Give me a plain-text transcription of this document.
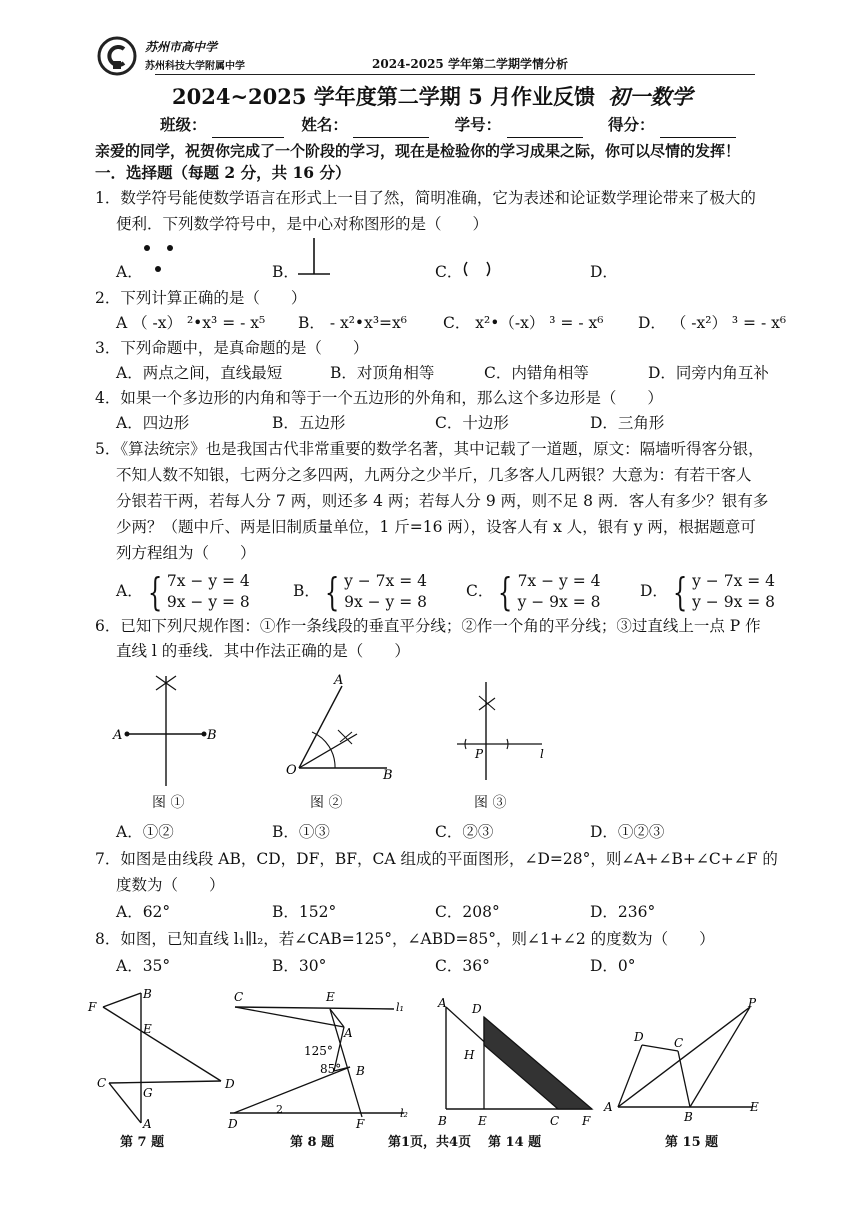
苏州市高中学
苏州科技大学附属中学	2024-2025 学年第二学期学情分析
2024~2025 学年度第二学期 5 月作业反馈 初一数学
班级：	姓名：	学号：	得分：
亲爱的同学，祝贺你完成了一个阶段的学习，现在是检验你的学习成果之际，你可以尽情的发挥！
一．选择题（每题 2 分，共 16 分）
1．数学符号能使数学语言在形式上一目了然，简明准确，它为表述和论证数学理论带来了极大的
便利．下列数学符号中，是中心对称图形的是（　　）
A．	B．	C．	D．
2．下列计算正确的是（　　）
A （ -x） ²•x³ = - x⁵ B． - x²•x³=x⁶ C． x²•（-x） ³ = - x⁶ D． （ -x²） ³ = - x⁶
3．下列命题中，是真命题的是（　　）
A．两点之间，直线最短	B．对顶角相等	C．内错角相等	D．同旁内角互补
4．如果一个多边形的内角和等于一个五边形的外角和，那么这个多边形是（　　）
A．四边形	B．五边形	C．十边形	D．三角形
5．《算法统宗》也是我国古代非常重要的数学名著，其中记载了一道题，原文：隔墙听得客分银，
不知人数不知银，七两分之多四两，九两分之少半斤，几多客人几两银？大意为：有若干客人
分银若干两，若每人分 7 两，则还多 4 两；若每人分 9 两，则不足 8 两．客人有多少？银有多
少两？（题中斤、两是旧制质量单位，1 斤=16 两），设客人有 x 人，银有 y 两，根据题意可
列方程组为（　　）
A． { 7x − y = 4
9x − y = 8
B． { y − 7x = 4
9x − y = 8
C． { 7x − y = 4
y − 9x = 8
D． { y − 7x = 4
y − 9x = 8
6．已知下列尺规作图：①作一条线段的垂直平分线；②作一个角的平分线；③过直线上一点 P 作
直线 l 的垂线．其中作法正确的是（　　）
A	B
A
O	B
P	l
图 ①	图 ②	图 ③
A．①②	B．①③	C．②③	D．①②③
7．如图是由线段 AB，CD，DF，BF，CA 组成的平面图形，∠D=28°，则∠A+∠B+∠C+∠F 的
度数为（　　）
A．62°	B．152°	C．208°	D．236°
8．如图，已知直线 l₁∥l₂，若∠CAB=125°，∠ABD=85°，则∠1+∠2 的度数为（　　）
A．35°	B．30°	C．36°	D．0°
F
B
E
C
G
D
A
C	E
l₁
A
125°
85° B
2
D	F
l₂
A D
H
B	E	C F
D	C
P
A
B
E
第 7 题	第 8 题	第1页，共4页 第 14 题	第 15 题
